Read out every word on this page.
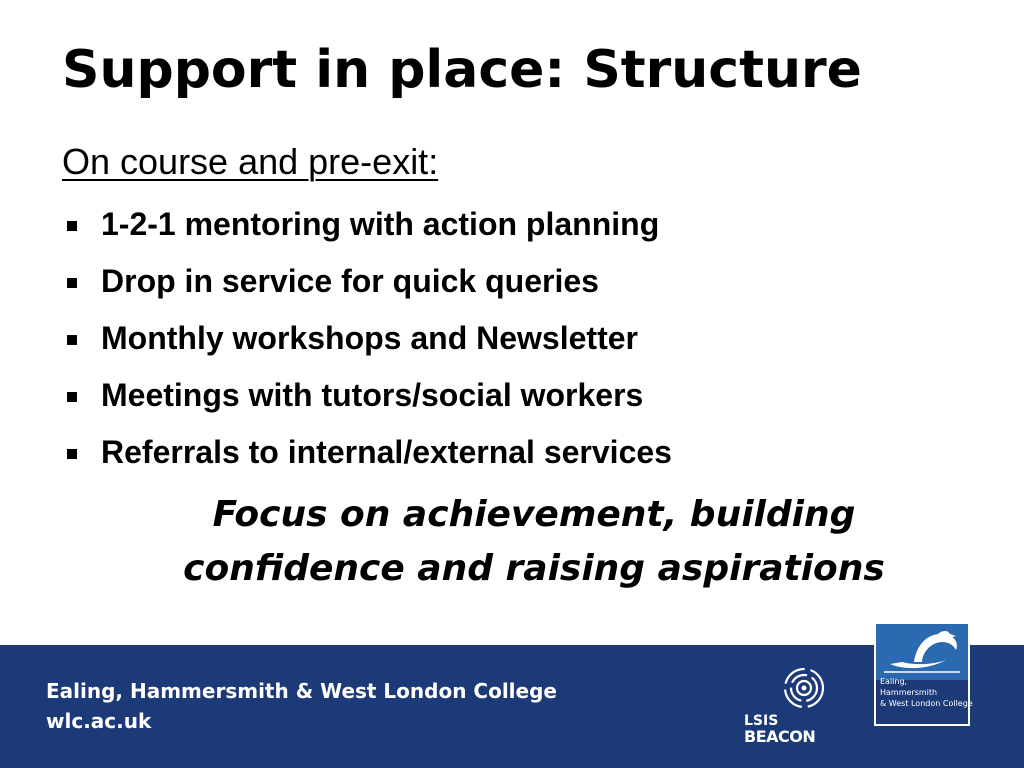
Support in place: Structure
On course and pre-exit:
1-2-1 mentoring with action planning
Drop in service for quick queries
Monthly workshops and Newsletter
Meetings with tutors/social workers
Referrals to internal/external services
Focus on achievement, building
confidence and raising aspirations
Ealing, Hammersmith & West London College
wlc.ac.uk	LSIS
BEACON
Ealing,
Hammersmith
& West London College
